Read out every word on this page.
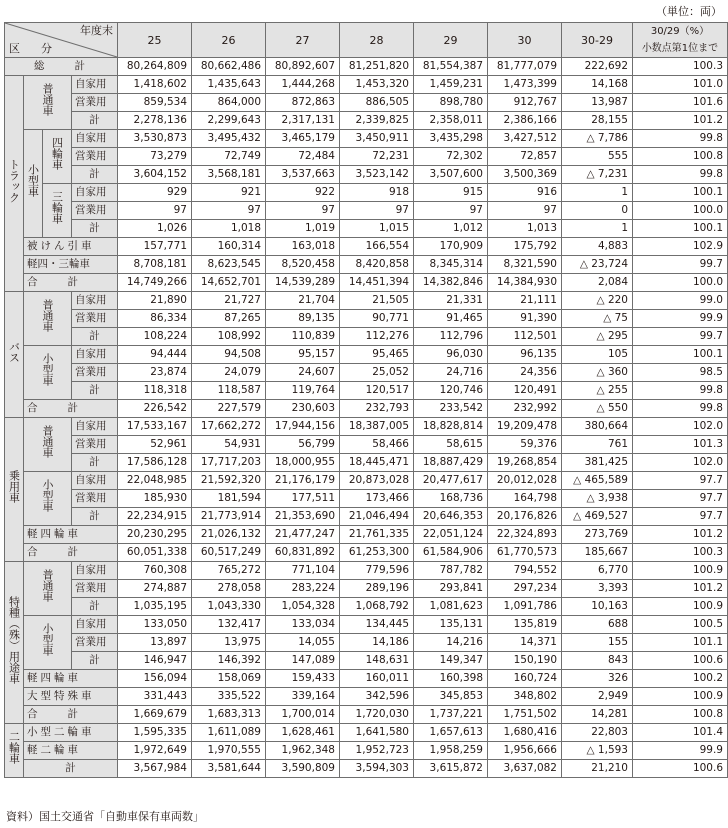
（単位：両）
年度末
区　分				25	26	27	28	29	30	30-29	30/29（%）
小数点第1位まで
総　　計				80,264,809	80,662,486	80,892,607	81,251,820	81,554,387	81,777,079	222,692	100.3
トラック	普通車		自家用	1,418,602	1,435,643	1,444,268	1,453,320	1,459,231	1,473,399	14,168	101.0
			営業用	859,534	864,000	872,863	886,505	898,780	912,767	13,987	101.6
			計	2,278,136	2,299,643	2,317,131	2,339,825	2,358,011	2,386,166	28,155	101.2
	小型車	四輪車	自家用	3,530,873	3,495,432	3,465,179	3,450,911	3,435,298	3,427,512	△ 7,786	99.8
			営業用	73,279	72,749	72,484	72,231	72,302	72,857	555	100.8
			計	3,604,152	3,568,181	3,537,663	3,523,142	3,507,600	3,500,369	△ 7,231	99.8
		三輪車	自家用	929	921	922	918	915	916	1	100.1
			営業用	97	97	97	97	97	97	0	100.0
			計	1,026	1,018	1,019	1,015	1,012	1,013	1	100.1
	被けん引車			157,771	160,314	163,018	166,554	170,909	175,792	4,883	102.9
	軽四・三輪車			8,708,181	8,623,545	8,520,458	8,420,858	8,345,314	8,321,590	△ 23,724	99.7
	合　　計			14,749,266	14,652,701	14,539,289	14,451,394	14,382,846	14,384,930	2,084	100.0
バス	普通車		自家用	21,890	21,727	21,704	21,505	21,331	21,111	△ 220	99.0
			営業用	86,334	87,265	89,135	90,771	91,465	91,390	△ 75	99.9
			計	108,224	108,992	110,839	112,276	112,796	112,501	△ 295	99.7
	小型車		自家用	94,444	94,508	95,157	95,465	96,030	96,135	105	100.1
			営業用	23,874	24,079	24,607	25,052	24,716	24,356	△ 360	98.5
			計	118,318	118,587	119,764	120,517	120,746	120,491	△ 255	99.8
	合　　計			226,542	227,579	230,603	232,793	233,542	232,992	△ 550	99.8
乗用車	普通車		自家用	17,533,167	17,662,272	17,944,156	18,387,005	18,828,814	19,209,478	380,664	102.0
			営業用	52,961	54,931	56,799	58,466	58,615	59,376	761	101.3
			計	17,586,128	17,717,203	18,000,955	18,445,471	18,887,429	19,268,854	381,425	102.0
	小型車		自家用	22,048,985	21,592,320	21,176,179	20,873,028	20,477,617	20,012,028	△ 465,589	97.7
			営業用	185,930	181,594	177,511	173,466	168,736	164,798	△ 3,938	97.7
			計	22,234,915	21,773,914	21,353,690	21,046,494	20,646,353	20,176,826	△ 469,527	97.7
	軽四輪車			20,230,295	21,026,132	21,477,247	21,761,335	22,051,124	22,324,893	273,769	101.2
	合　　計			60,051,338	60,517,249	60,831,892	61,253,300	61,584,906	61,770,573	185,667	100.3
特種（殊）用途車	普通車		自家用	760,308	765,272	771,104	779,596	787,782	794,552	6,770	100.9
			営業用	274,887	278,058	283,224	289,196	293,841	297,234	3,393	101.2
			計	1,035,195	1,043,330	1,054,328	1,068,792	1,081,623	1,091,786	10,163	100.9
	小型車		自家用	133,050	132,417	133,034	134,445	135,131	135,819	688	100.5
			営業用	13,897	13,975	14,055	14,186	14,216	14,371	155	101.1
			計	146,947	146,392	147,089	148,631	149,347	150,190	843	100.6
	軽四輪車			156,094	158,069	159,433	160,011	160,398	160,724	326	100.2
	大型特殊車			331,443	335,522	339,164	342,596	345,853	348,802	2,949	100.9
	合　　計			1,669,679	1,683,313	1,700,014	1,720,030	1,737,221	1,751,502	14,281	100.8
二輪車	小型二輪車			1,595,335	1,611,089	1,628,461	1,641,580	1,657,613	1,680,416	22,803	101.4
	軽二輪車			1,972,649	1,970,555	1,962,348	1,952,723	1,958,259	1,956,666	△ 1,593	99.9
	計			3,567,984	3,581,644	3,590,809	3,594,303	3,615,872	3,637,082	21,210	100.6
資料）国土交通省「自動車保有車両数」
